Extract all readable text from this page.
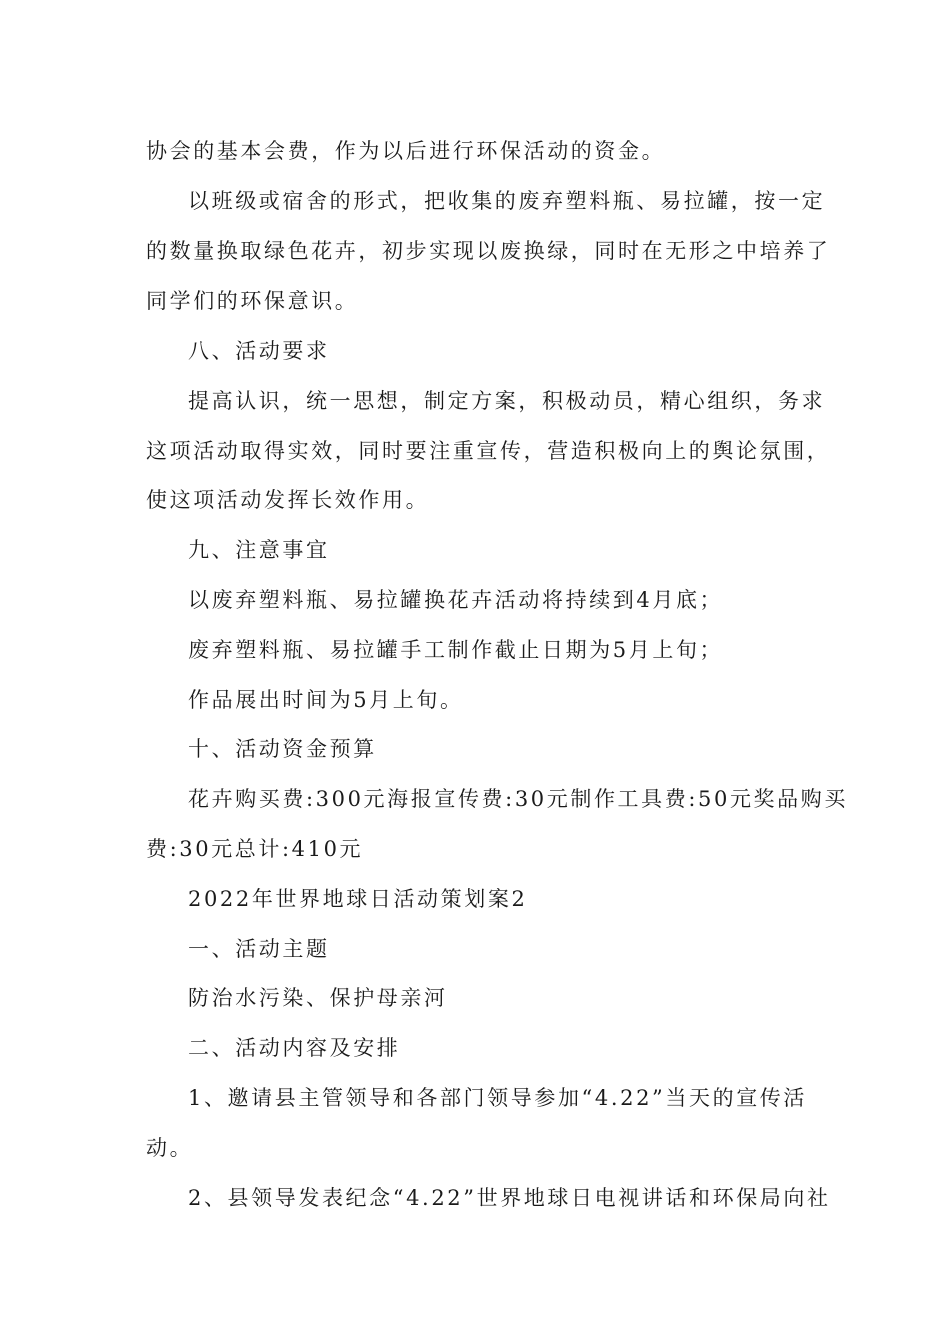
协会的基本会费，作为以后进行环保活动的资金。
以班级或宿舍的形式，把收集的废弃塑料瓶、易拉罐，按一定
的数量换取绿色花卉，初步实现以废换绿，同时在无形之中培养了
同学们的环保意识。
八、活动要求
提高认识，统一思想，制定方案，积极动员，精心组织，务求
这项活动取得实效，同时要注重宣传，营造积极向上的舆论氛围，
使这项活动发挥长效作用。
九、注意事宜
以废弃塑料瓶、易拉罐换花卉活动将持续到4月底；
废弃塑料瓶、易拉罐手工制作截止日期为5月上旬；
作品展出时间为5月上旬。
十、活动资金预算
花卉购买费:300元海报宣传费:30元制作工具费:50元奖品购买
费:30元总计:410元
2022年世界地球日活动策划案2
一、活动主题
防治水污染、保护母亲河
二、活动内容及安排
1、邀请县主管领导和各部门领导参加“4.22”当天的宣传活
动。
2、县领导发表纪念“4.22”世界地球日电视讲话和环保局向社
